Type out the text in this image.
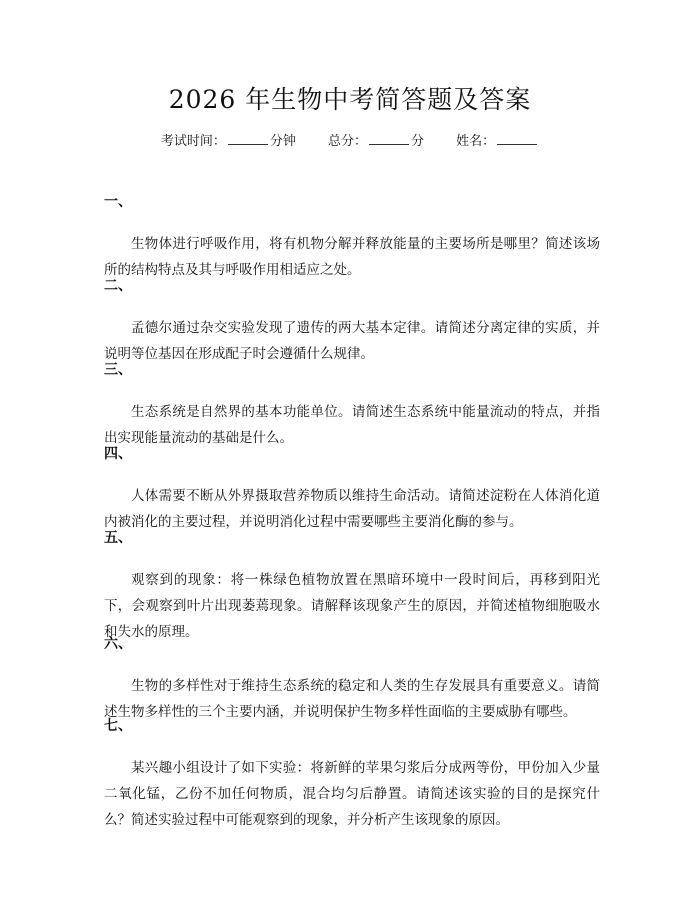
2026 年生物中考简答题及答案
考试时间：	分钟 总分：	分 姓名：
一、
生物体进行呼吸作用，将有机物分解并释放能量的主要场所是哪里？简述该场所的结构特点及其与呼吸作用相适应之处。
二、
孟德尔通过杂交实验发现了遗传的两大基本定律。请简述分离定律的实质，并说明等位基因在形成配子时会遵循什么规律。
三、
生态系统是自然界的基本功能单位。请简述生态系统中能量流动的特点，并指出实现能量流动的基础是什么。
四、
人体需要不断从外界摄取营养物质以维持生命活动。请简述淀粉在人体消化道内被消化的主要过程，并说明消化过程中需要哪些主要消化酶的参与。
五、
观察到的现象：将一株绿色植物放置在黑暗环境中一段时间后，再移到阳光下，会观察到叶片出现萎蔫现象。请解释该现象产生的原因，并简述植物细胞吸水和失水的原理。
六、
生物的多样性对于维持生态系统的稳定和人类的生存发展具有重要意义。请简述生物多样性的三个主要内涵，并说明保护生物多样性面临的主要威胁有哪些。
七、
某兴趣小组设计了如下实验：将新鲜的苹果匀浆后分成两等份，甲份加入少量二氧化锰，乙份不加任何物质，混合均匀后静置。请简述该实验的目的是探究什么？简述实验过程中可能观察到的现象，并分析产生该现象的原因。
